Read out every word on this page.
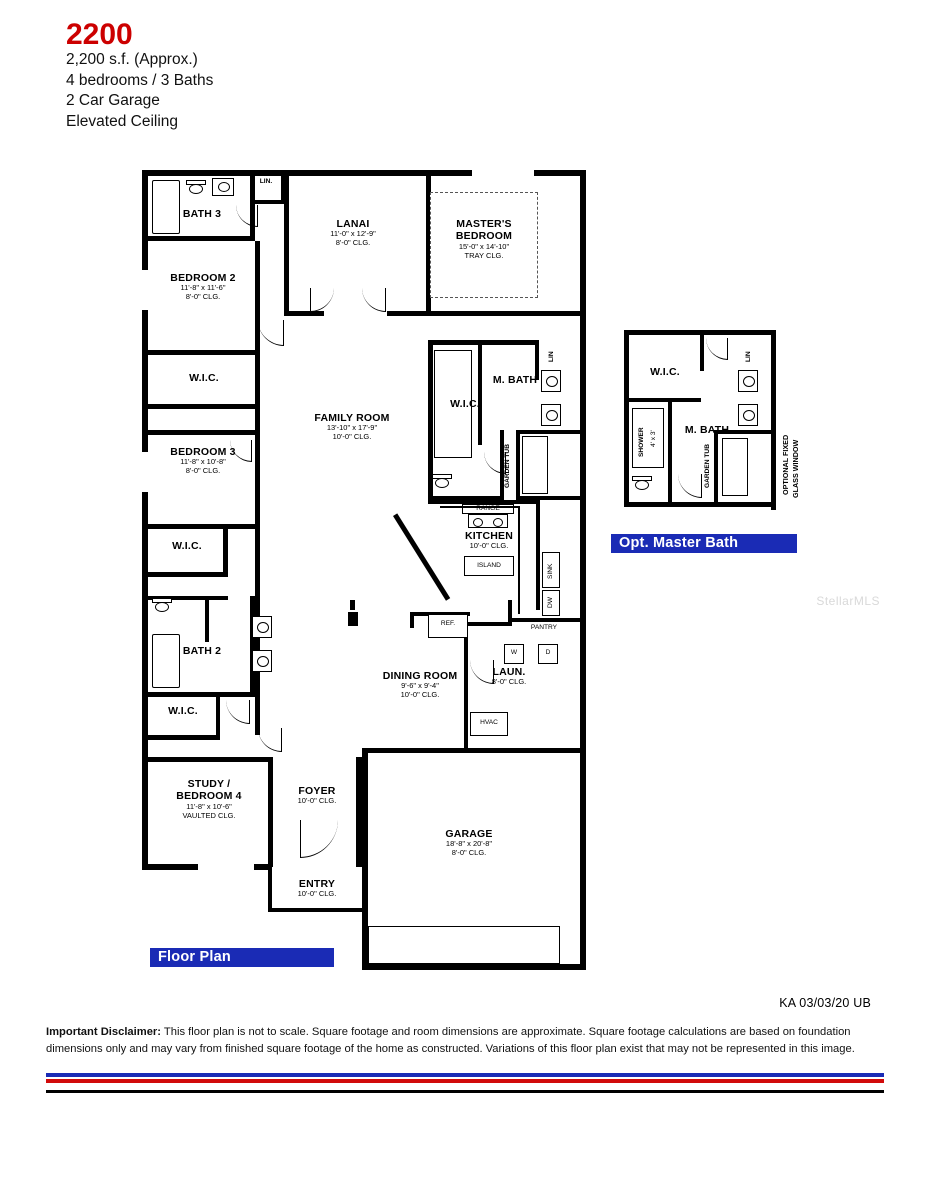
2200
2,200 s.f. (Approx.)
4 bedrooms / 3 Baths
2 Car Garage
Elevated Ceiling
BATH 3
LIN.
LANAI
11'-0" x 12'-9"
8'-0" CLG.
MASTER'S
BEDROOM
15'-0" x 14'-10"
TRAY CLG.
BEDROOM 2
11'-8" x 11'-6"
8'-0" CLG.
W.I.C.
FAMILY ROOM
13'-10" x 17'-9"
10'-0" CLG.
W.I.C.
M. BATH
LIN
BEDROOM 3
11'-8" x 10'-8"
8'-0" CLG.
W.I.C.
GARDEN TUB
RANGE
KITCHEN
10'-0" CLG.
ISLAND	SINK
DW
REF.
PANTRY
BATH 2
W.I.C.
DINING ROOM
9'-6" x 9'-4"
10'-0" CLG.
LAUN.
8'-0" CLG.
W	D
HVAC
STUDY /
BEDROOM 4
11'-8" x 10'-6"
VAULTED CLG.
FOYER
10'-0" CLG.
ENTRY
10'-0" CLG.
GARAGE
18'-8" x 20'-8"
8'-0" CLG.
W.I.C.
LIN
M. BATH
SHOWER 4' x 3'
GARDEN TUB	OPTIONAL FIXED GLASS WINDOW
Floor Plan
Opt. Master Bath
StellarMLS
KA 03/03/20 UB
Important Disclaimer: This floor plan is not to scale. Square footage and room dimensions are approximate. Square footage calculations are based on foundation dimensions only and may vary from finished square footage of the home as constructed. Variations of this floor plan exist that may not be represented in this image.
